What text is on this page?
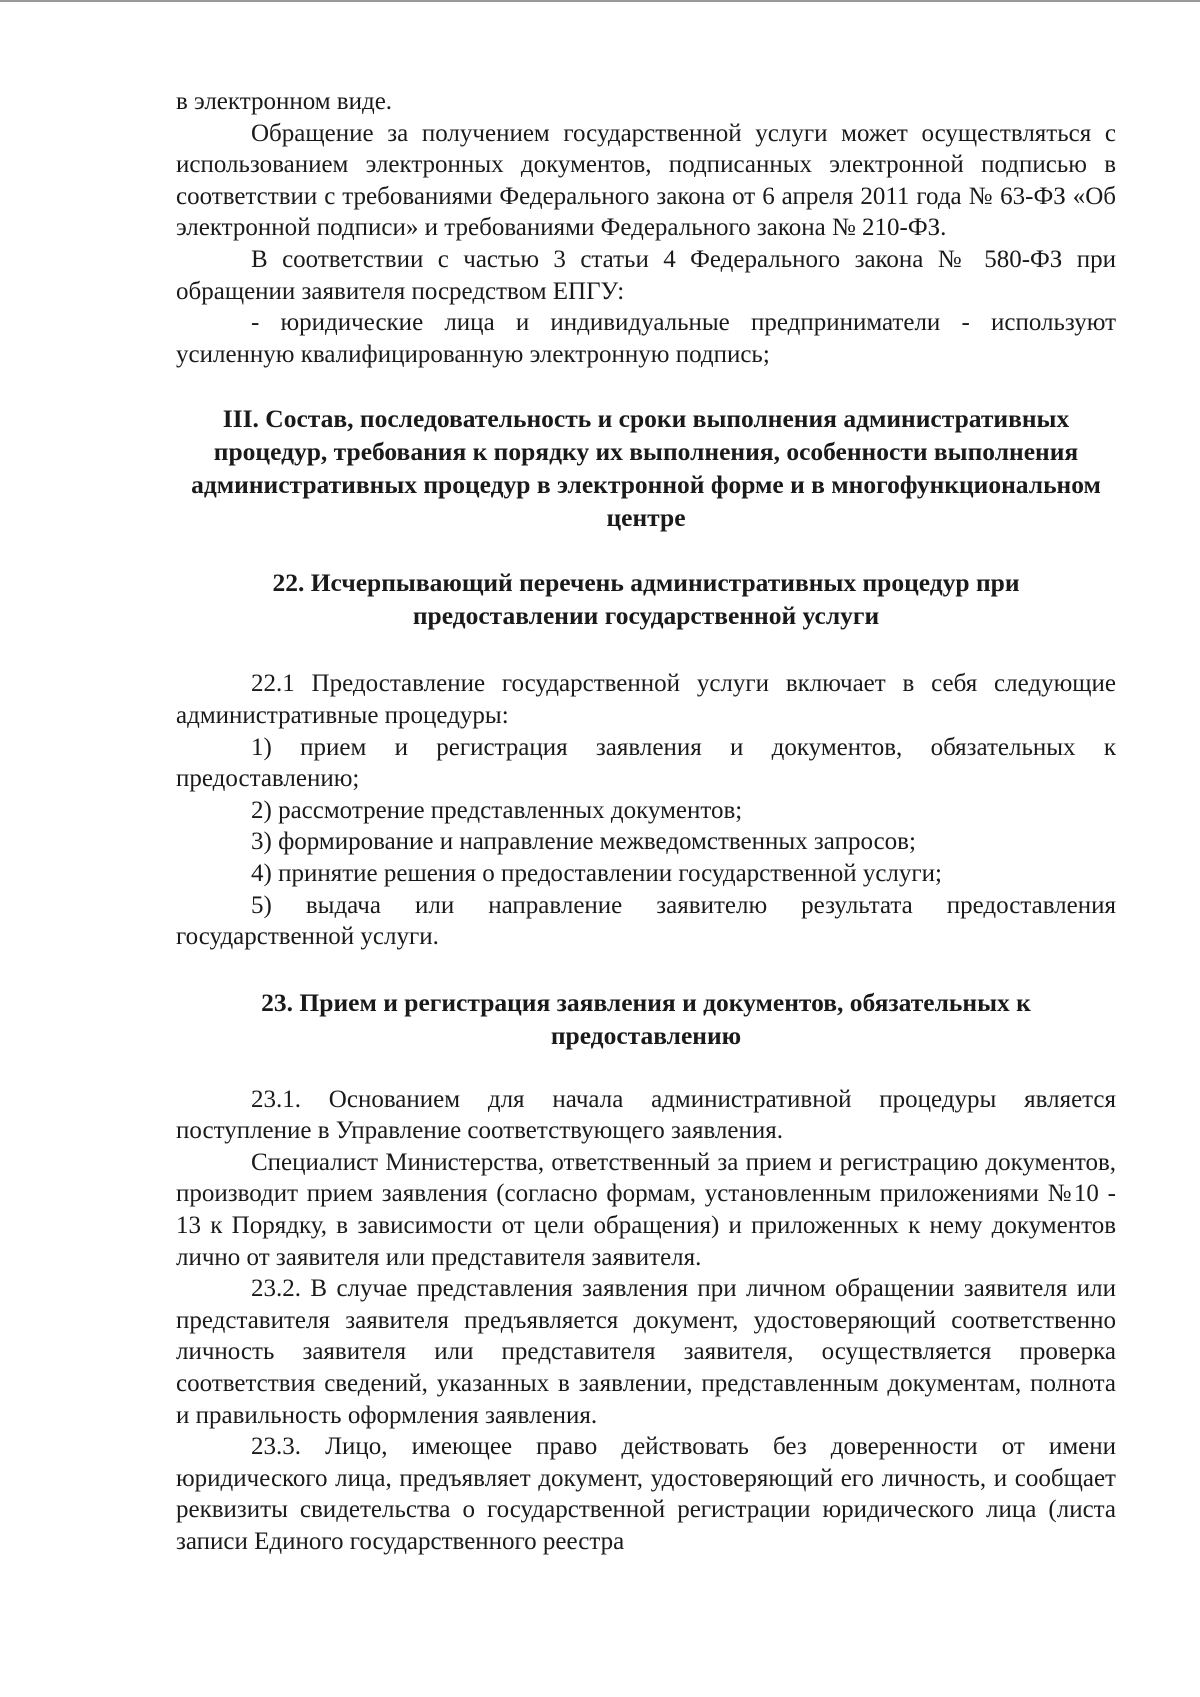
в электронном виде.

Обращение за получением государственной услуги может осуществляться с использованием электронных документов, подписанных электронной подписью в соответствии с требованиями Федерального закона от 6 апреля 2011 года № 63-ФЗ «Об электронной подписи» и требованиями Федерального закона № 210-ФЗ.

В соответствии с частью 3 статьи 4 Федерального закона № 580-ФЗ при обращении заявителя посредством ЕПГУ:

- юридические лица и индивидуальные предприниматели - используют усиленную квалифицированную электронную подпись;

III. Состав, последовательность и сроки выполнения административных процедур, требования к порядку их выполнения, особенности выполнения административных процедур в электронной форме и в многофункциональном центре
22. Исчерпывающий перечень административных процедур при предоставлении государственной услуги

22.1 Предоставление государственной услуги включает в себя следующие административные процедуры:

1) прием и регистрация заявления и документов, обязательных к предоставлению;

2) рассмотрение представленных документов;

3) формирование и направление межведомственных запросов;

4) принятие решения о предоставлении государственной услуги;

5) выдача или направление заявителю результата предоставления государственной услуги.

23. Прием и регистрация заявления и документов, обязательных к предоставлению

23.1. Основанием для начала административной процедуры является поступление в Управление соответствующего заявления.

Специалист Министерства, ответственный за прием и регистрацию документов, производит прием заявления (согласно формам, установленным приложениями №10 - 13 к Порядку, в зависимости от цели обращения) и приложенных к нему документов лично от заявителя или представителя заявителя.

23.2. В случае представления заявления при личном обращении заявителя или представителя заявителя предъявляется документ, удостоверяющий соответственно личность заявителя или представителя заявителя, осуществляется проверка соответствия сведений, указанных в заявлении, представленным документам, полнота и правильность оформления заявления.

23.3. Лицо, имеющее право действовать без доверенности от имени юридического лица, предъявляет документ, удостоверяющий его личность, и сообщает реквизиты свидетельства о государственной регистрации юридического лица (листа записи Единого государственного реестра
